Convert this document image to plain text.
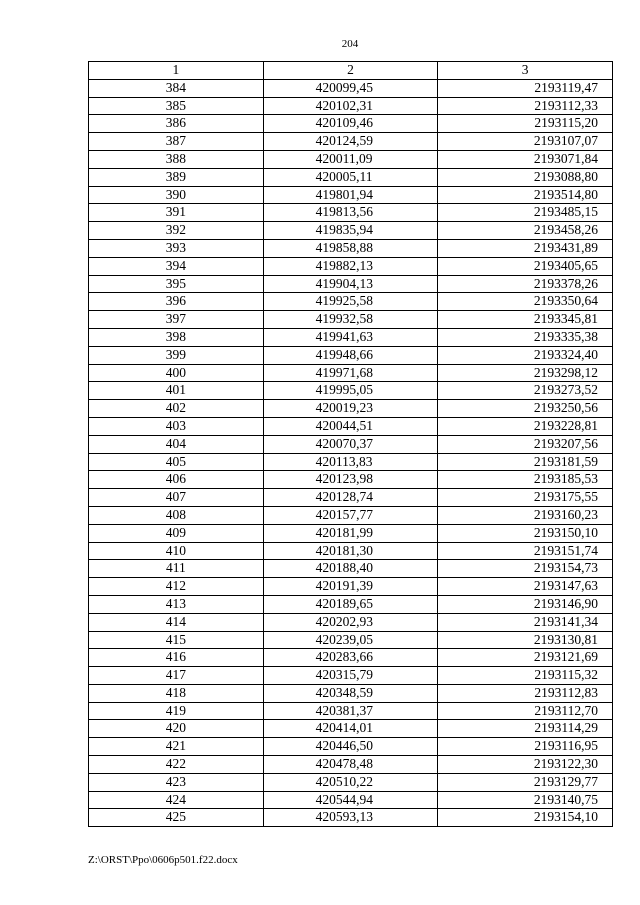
204
1	2	3
384	420099,45	2193119,47
385	420102,31	2193112,33
386	420109,46	2193115,20
387	420124,59	2193107,07
388	420011,09	2193071,84
389	420005,11	2193088,80
390	419801,94	2193514,80
391	419813,56	2193485,15
392	419835,94	2193458,26
393	419858,88	2193431,89
394	419882,13	2193405,65
395	419904,13	2193378,26
396	419925,58	2193350,64
397	419932,58	2193345,81
398	419941,63	2193335,38
399	419948,66	2193324,40
400	419971,68	2193298,12
401	419995,05	2193273,52
402	420019,23	2193250,56
403	420044,51	2193228,81
404	420070,37	2193207,56
405	420113,83	2193181,59
406	420123,98	2193185,53
407	420128,74	2193175,55
408	420157,77	2193160,23
409	420181,99	2193150,10
410	420181,30	2193151,74
411	420188,40	2193154,73
412	420191,39	2193147,63
413	420189,65	2193146,90
414	420202,93	2193141,34
415	420239,05	2193130,81
416	420283,66	2193121,69
417	420315,79	2193115,32
418	420348,59	2193112,83
419	420381,37	2193112,70
420	420414,01	2193114,29
421	420446,50	2193116,95
422	420478,48	2193122,30
423	420510,22	2193129,77
424	420544,94	2193140,75
425	420593,13	2193154,10
Z:\ORST\Ppo\0606p501.f22.docx
